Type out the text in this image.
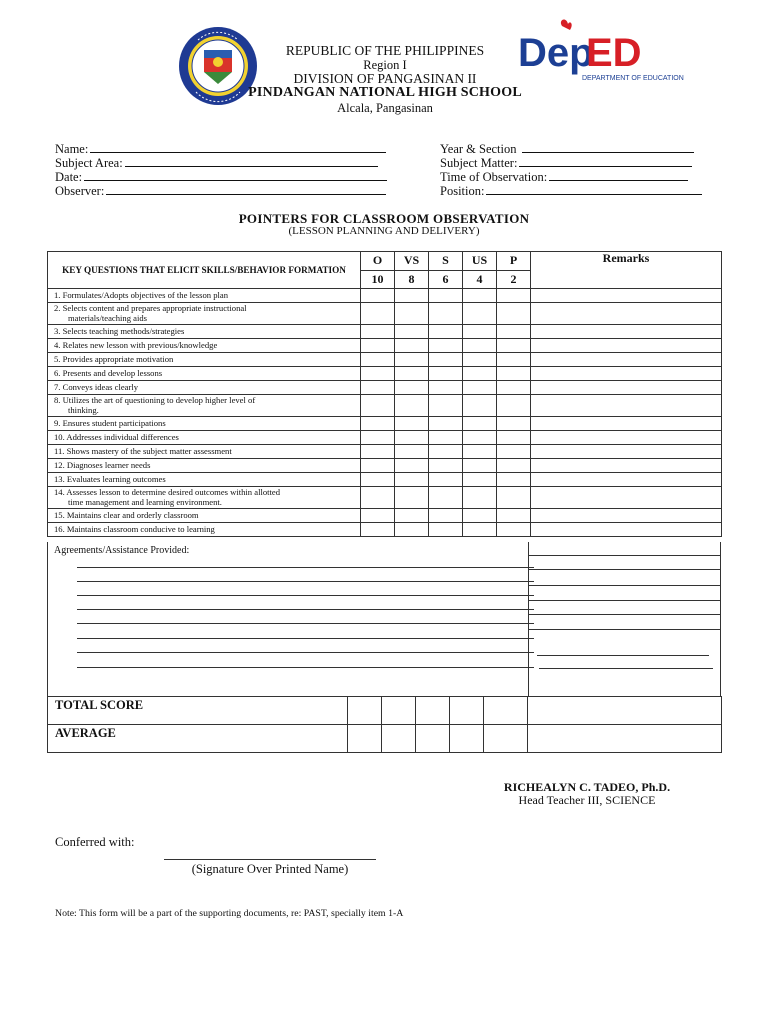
Dep
ED
DEPARTMENT OF EDUCATION
REPUBLIC OF THE PHILIPPINES
Region I
DIVISION OF PANGASINAN II
PINDANGAN NATIONAL HIGH SCHOOL
Alcala, Pangasinan
Name:
Subject Area:
Date:
Observer:
Year & Section
Subject Matter:
Time of Observation:
Position:
POINTERS FOR CLASSROOM OBSERVATION
(LESSON PLANNING AND DELIVERY)
KEY QUESTIONS THAT ELICIT SKILLS/BEHAVIOR FORMATION	O	VS	S	US	P	Remarks
	10	8	6	4	2	
1. Formulates/Adopts objectives of the lesson plan						
2. Selects content and prepares appropriate instructional
materials/teaching aids						

3. Selects teaching methods/strategies						
4. Relates new lesson with previous/knowledge						
5. Provides appropriate motivation						
6. Presents and develop lessons						
7. Conveys ideas clearly						
8. Utilizes the art of questioning to develop higher level of
thinking.						

9. Ensures student participations						
10. Addresses individual differences						
11. Shows mastery of the subject matter assessment						
12. Diagnoses learner needs						
13. Evaluates learning outcomes						
14. Assesses lesson to determine desired outcomes within allotted
time management and learning environment.						

15. Maintains clear and orderly classroom						
16. Maintains classroom conducive to learning						
Agreements/Assistance Provided:
TOTAL SCORE						
AVERAGE						
RICHEALYN C. TADEO, Ph.D.
Head Teacher III, SCIENCE
Conferred with:
(Signature Over Printed Name)
Note: This form will be a part of the supporting documents, re: PAST, specially item 1-A
